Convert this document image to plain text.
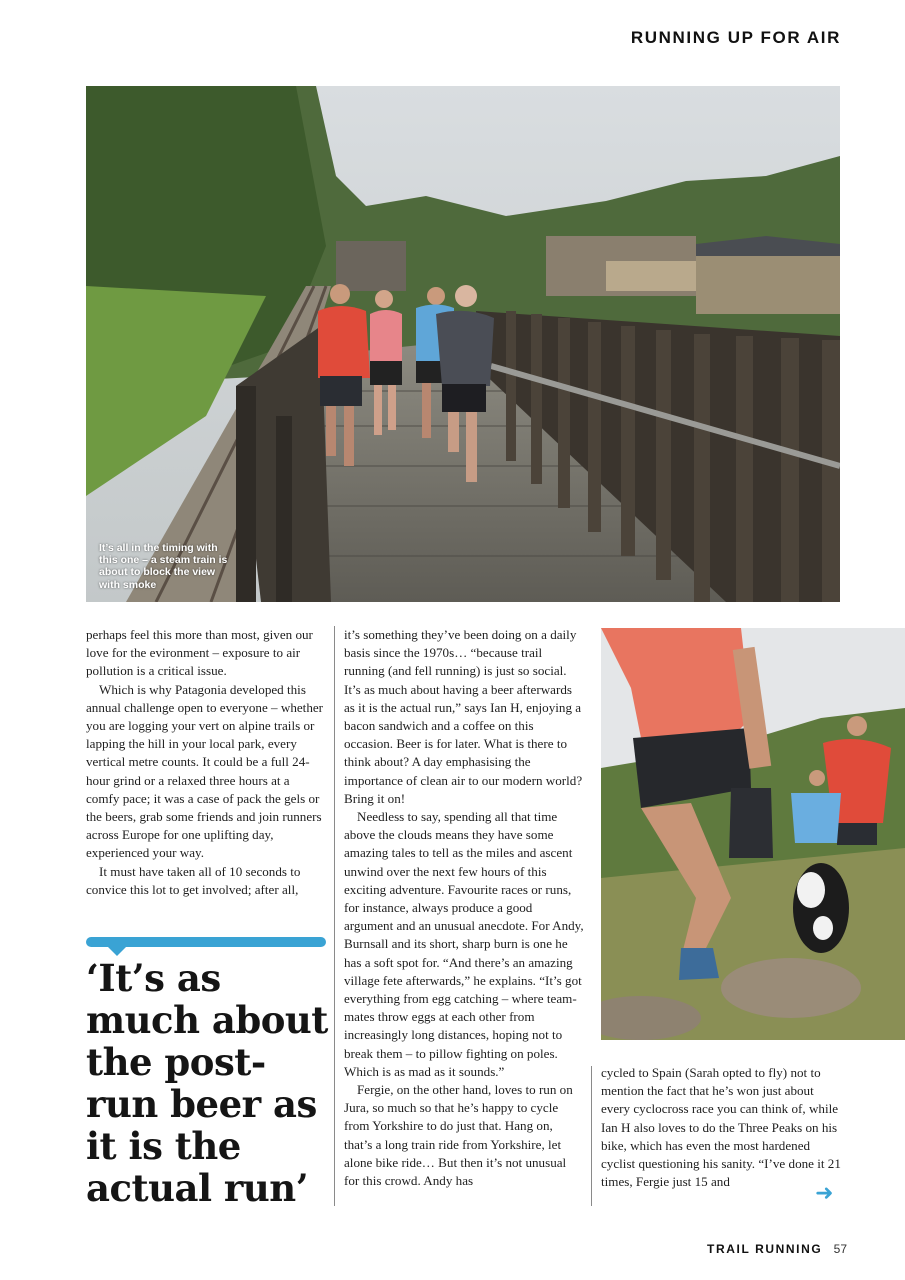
RUNNING UP FOR AIR
It’s all in the timing with this one – a steam train is about to block the view with smoke

perhaps feel this more than most, given our love for the evironment – exposure to air pollution is a critical issue.

Which is why Patagonia developed this annual challenge open to everyone – whether you are logging your vert on alpine trails or lapping the hill in your local park, every vertical metre counts. It could be a full 24-hour grind or a relaxed three hours at a comfy pace; it was a case of pack the gels or the beers, grab some friends and join runners across Europe for one uplifting day, experienced your way.

It must have taken all of 10 seconds to convice this lot to get involved; after all,

‘It’s as much about the post-run beer as it is the actual run’

it’s something they’ve been doing on a daily basis since the 1970s… “because trail running (and fell running) is just so social. It’s as much about having a beer afterwards as it is the actual run,” says Ian H, enjoying a bacon sandwich and a coffee on this occasion. Beer is for later. What is there to think about? A day emphasising the importance of clean air to our modern world? Bring it on!

Needless to say, spending all that time above the clouds means they have some amazing tales to tell as the miles and ascent unwind over the next few hours of this exciting adventure. Favourite races or runs, for instance, always produce a good argument and an unusual anecdote. For Andy, Burnsall and its short, sharp burn is one he has a soft spot for. “And there’s an amazing village fete afterwards,” he explains. “It’s got everything from egg catching – where team-mates throw eggs at each other from increasingly long distances, hoping not to break them – to pillow fighting on poles. Which is as mad as it sounds.”

Fergie, on the other hand, loves to run on Jura, so much so that he’s happy to cycle from Yorkshire to do just that. Hang on, that’s a long train ride from Yorkshire, let alone bike ride… But then it’s not unusual for this crowd. Andy has

cycled to Spain (Sarah opted to fly) not to mention the fact that he’s won just about every cyclocross race you can think of, while Ian H also loves to do the Three Peaks on his bike, which has even the most hardened cyclist questioning his sanity. “I’ve done it 21 times, Fergie just 15 and	➜
TRAIL RUNNING 57
